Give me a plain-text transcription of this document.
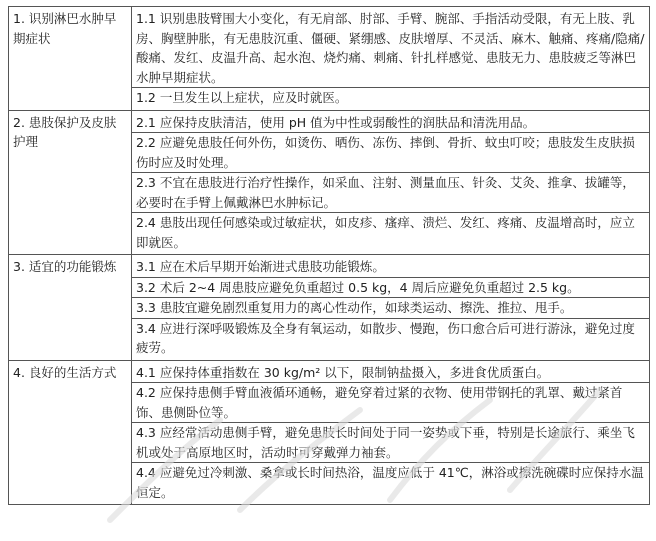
1. 识别淋巴水肿早期症状	1.1 识别患肢臂围大小变化，有无肩部、肘部、手臂、腕部、手指活动受限，有无上肢、乳房、胸壁肿胀，有无患肢沉重、僵硬、紧绷感、皮肤增厚、不灵活、麻木、触痛、疼痛/隐痛/酸痛、发红、皮温升高、起水泡、烧灼痛、刺痛、针扎样感觉、患肢无力、患肢疲乏等淋巴水肿早期症状。
1.2 一旦发生以上症状，应及时就医。

2. 患肢保护及皮肤护理	2.1 应保持皮肤清洁，使用 pH 值为中性或弱酸性的润肤品和清洗用品。
2.2 应避免患肢任何外伤，如烫伤、晒伤、冻伤、摔倒、骨折、蚊虫叮咬；患肢发生皮肤损伤时应及时处理。
2.3 不宜在患肢进行治疗性操作，如采血、注射、测量血压、针灸、艾灸、推拿、拔罐等，必要时在手臂上佩戴淋巴水肿标记。
2.4 患肢出现任何感染或过敏症状，如皮疹、瘙痒、溃烂、发红、疼痛、皮温增高时，应立即就医。

3. 适宜的功能锻炼	3.1 应在术后早期开始渐进式患肢功能锻炼。
3.2 术后 2~4 周患肢应避免负重超过 0.5 kg，4 周后应避免负重超过 2.5 kg。
3.3 患肢宜避免剧烈重复用力的离心性动作，如球类运动、擦洗、推拉、甩手。
3.4 应进行深呼吸锻炼及全身有氧运动，如散步、慢跑，伤口愈合后可进行游泳，避免过度疲劳。

4. 良好的生活方式	4.1 应保持体重指数在 30 kg/m² 以下，限制钠盐摄入，多进食优质蛋白。
4.2 应保持患侧手臂血液循环通畅，避免穿着过紧的衣物、使用带钢托的乳罩、戴过紧首饰、患侧卧位等。
4.3 应经常活动患侧手臂，避免患肢长时间处于同一姿势或下垂，特别是长途旅行、乘坐飞机或处于高原地区时，活动时可穿戴弹力袖套。
4.4 应避免过冷刺激、桑拿或长时间热浴，温度应低于 41℃，淋浴或擦洗碗碟时应保持水温恒定。
